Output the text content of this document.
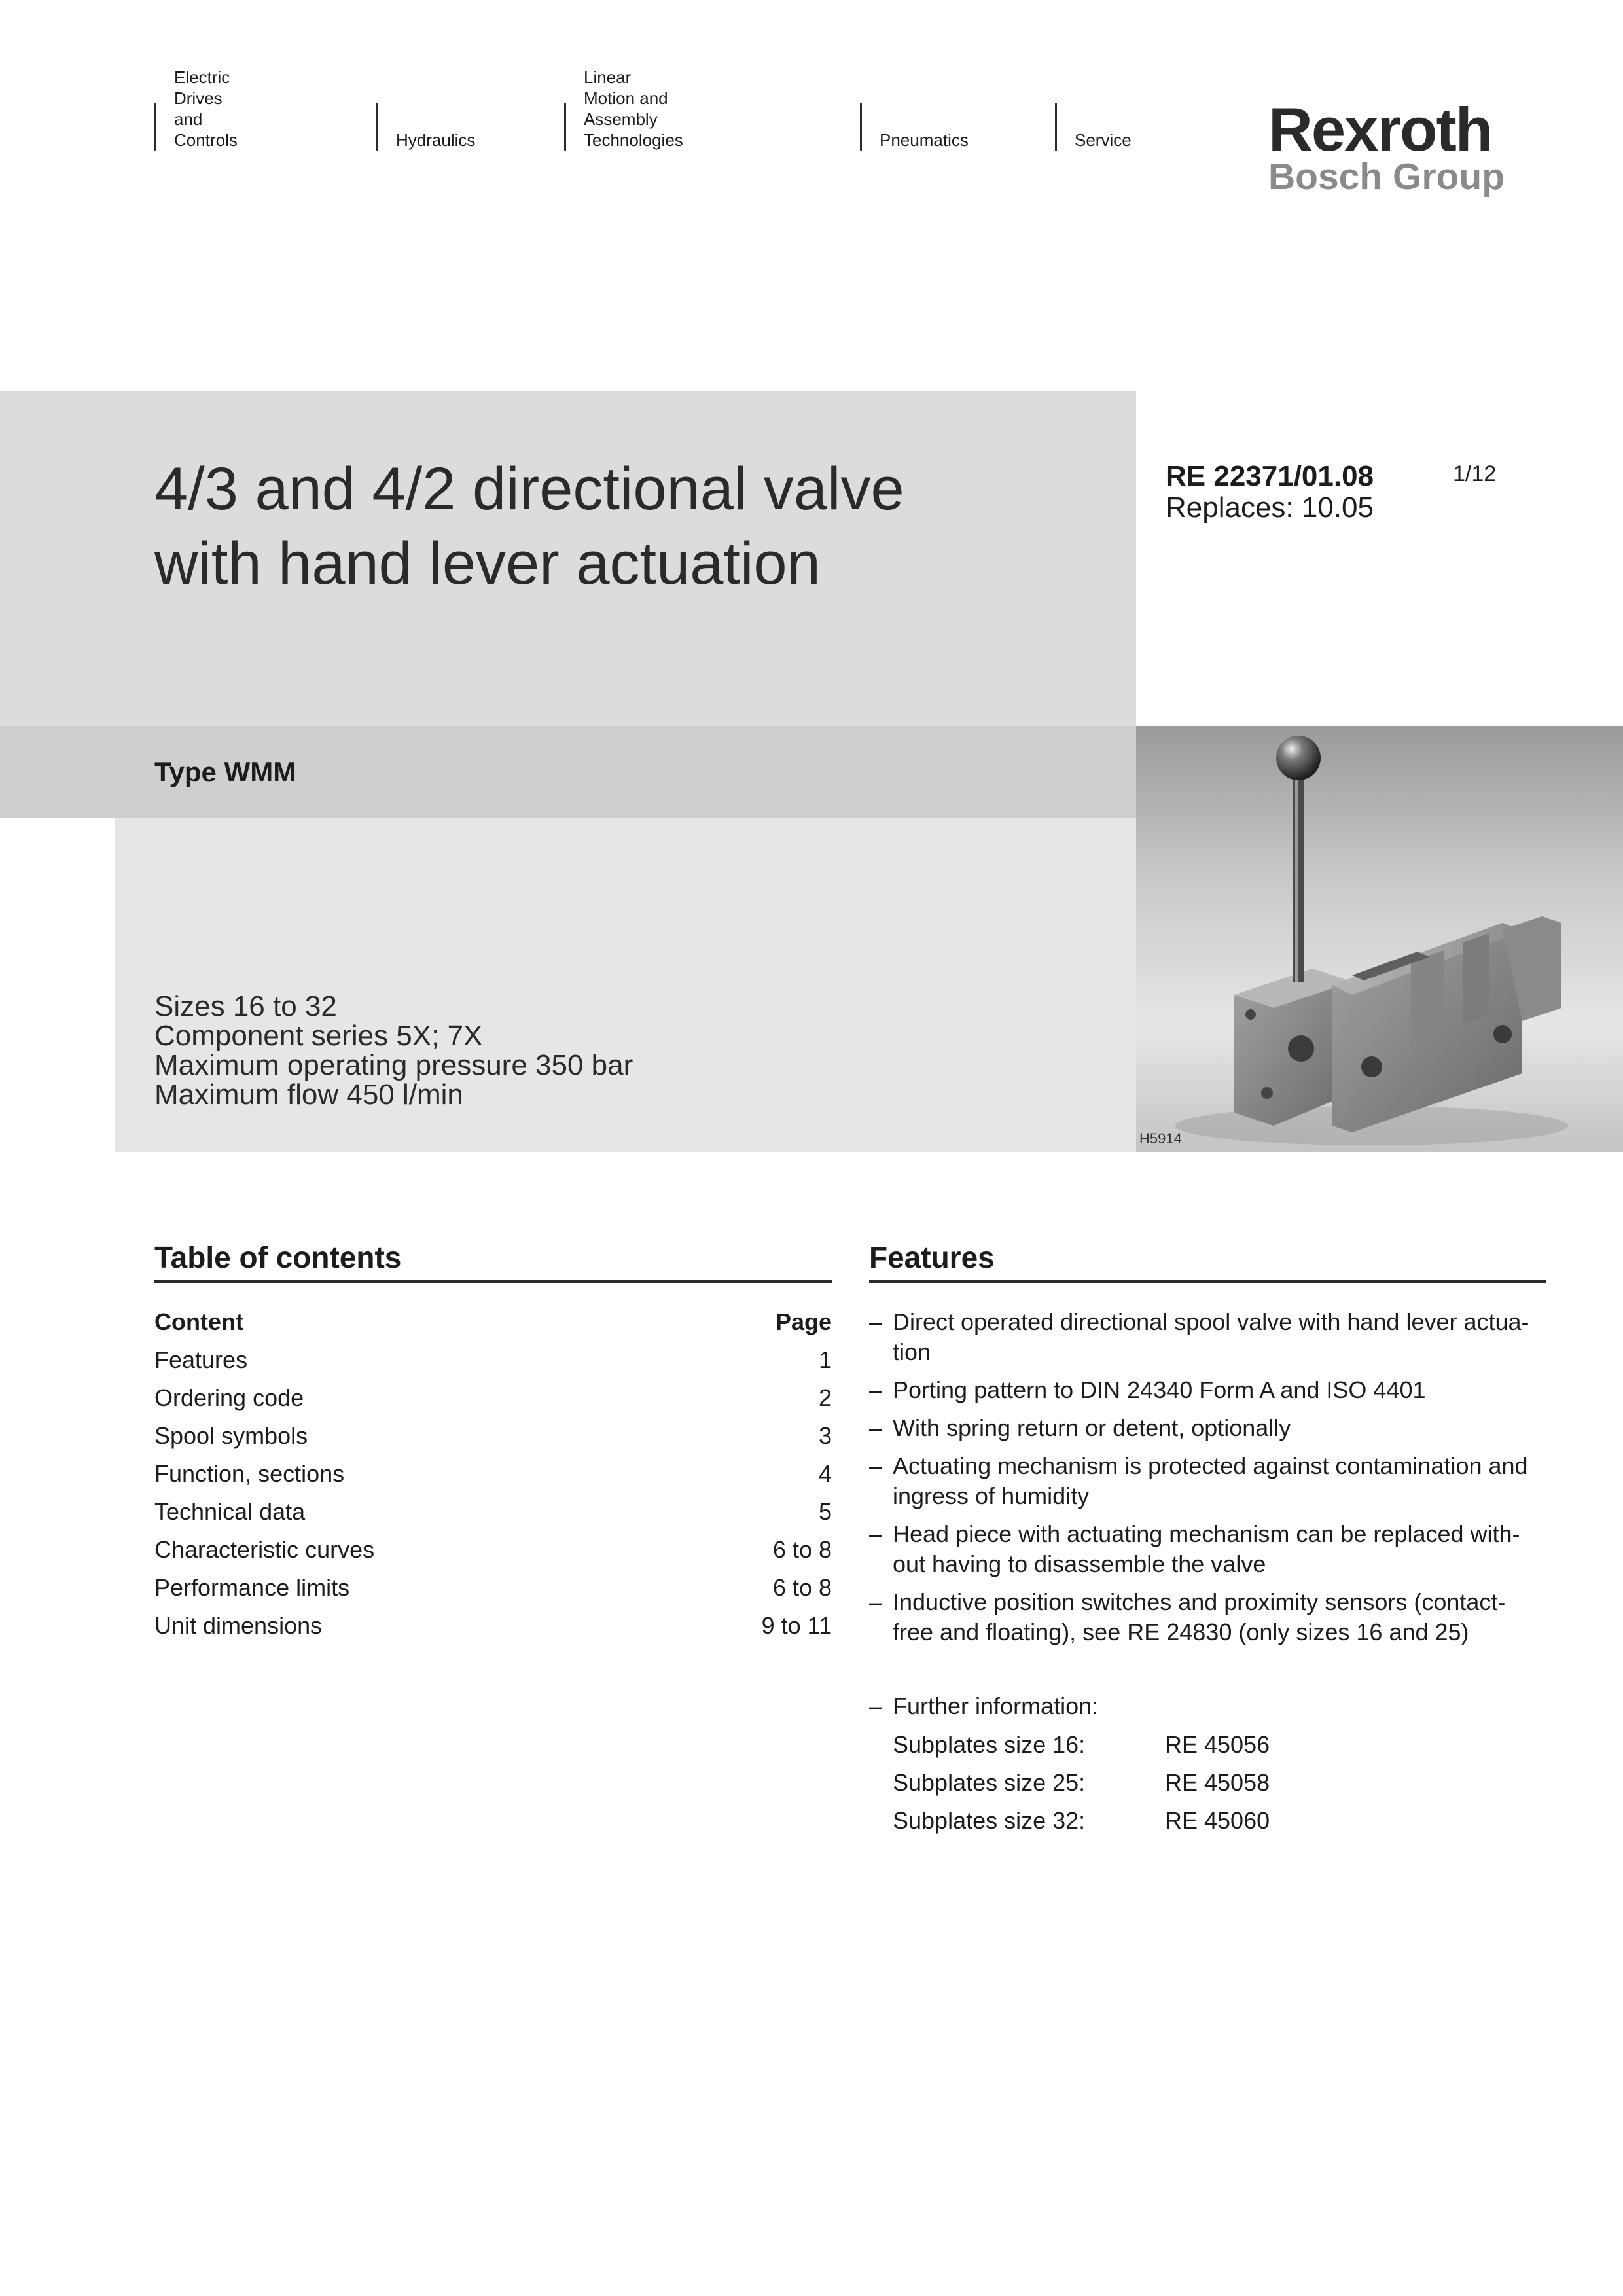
Electric Drives
and Controls	Hydraulics
Linear Motion and
Assembly Technologies	Pneumatics	Service Rexroth
Bosch Group
4/3 and 4/2 directional valve
with hand lever actuation
RE 22371/01.08
Replaces: 10.05
1/12
Type WMM
Sizes 16 to 32
Component series 5X; 7X
Maximum operating pressure 350 bar
Maximum flow 450 l/min
H5914
Table of contents
Content	Page
Features	1
Ordering code	2
Spool symbols	3
Function, sections	4
Technical data	5
Characteristic curves	6 to 8
Performance limits	6 to 8
Unit dimensions	9 to 11
Features
– Direct operated directional spool valve with hand lever actua-
tion
– Porting pattern to DIN 24340 Form A and ISO 4401
– With spring return or detent, optionally
– Actuating mechanism is protected against contamination and
ingress of humidity
– Head piece with actuating mechanism can be replaced with-
out having to disassemble the valve
– Inductive position switches and proximity sensors (contact-
free and floating), see RE 24830 (only sizes 16 and 25)
– Further information:
Subplates size 16:	RE 45056
Subplates size 25:	RE 45058
Subplates size 32:	RE 45060
